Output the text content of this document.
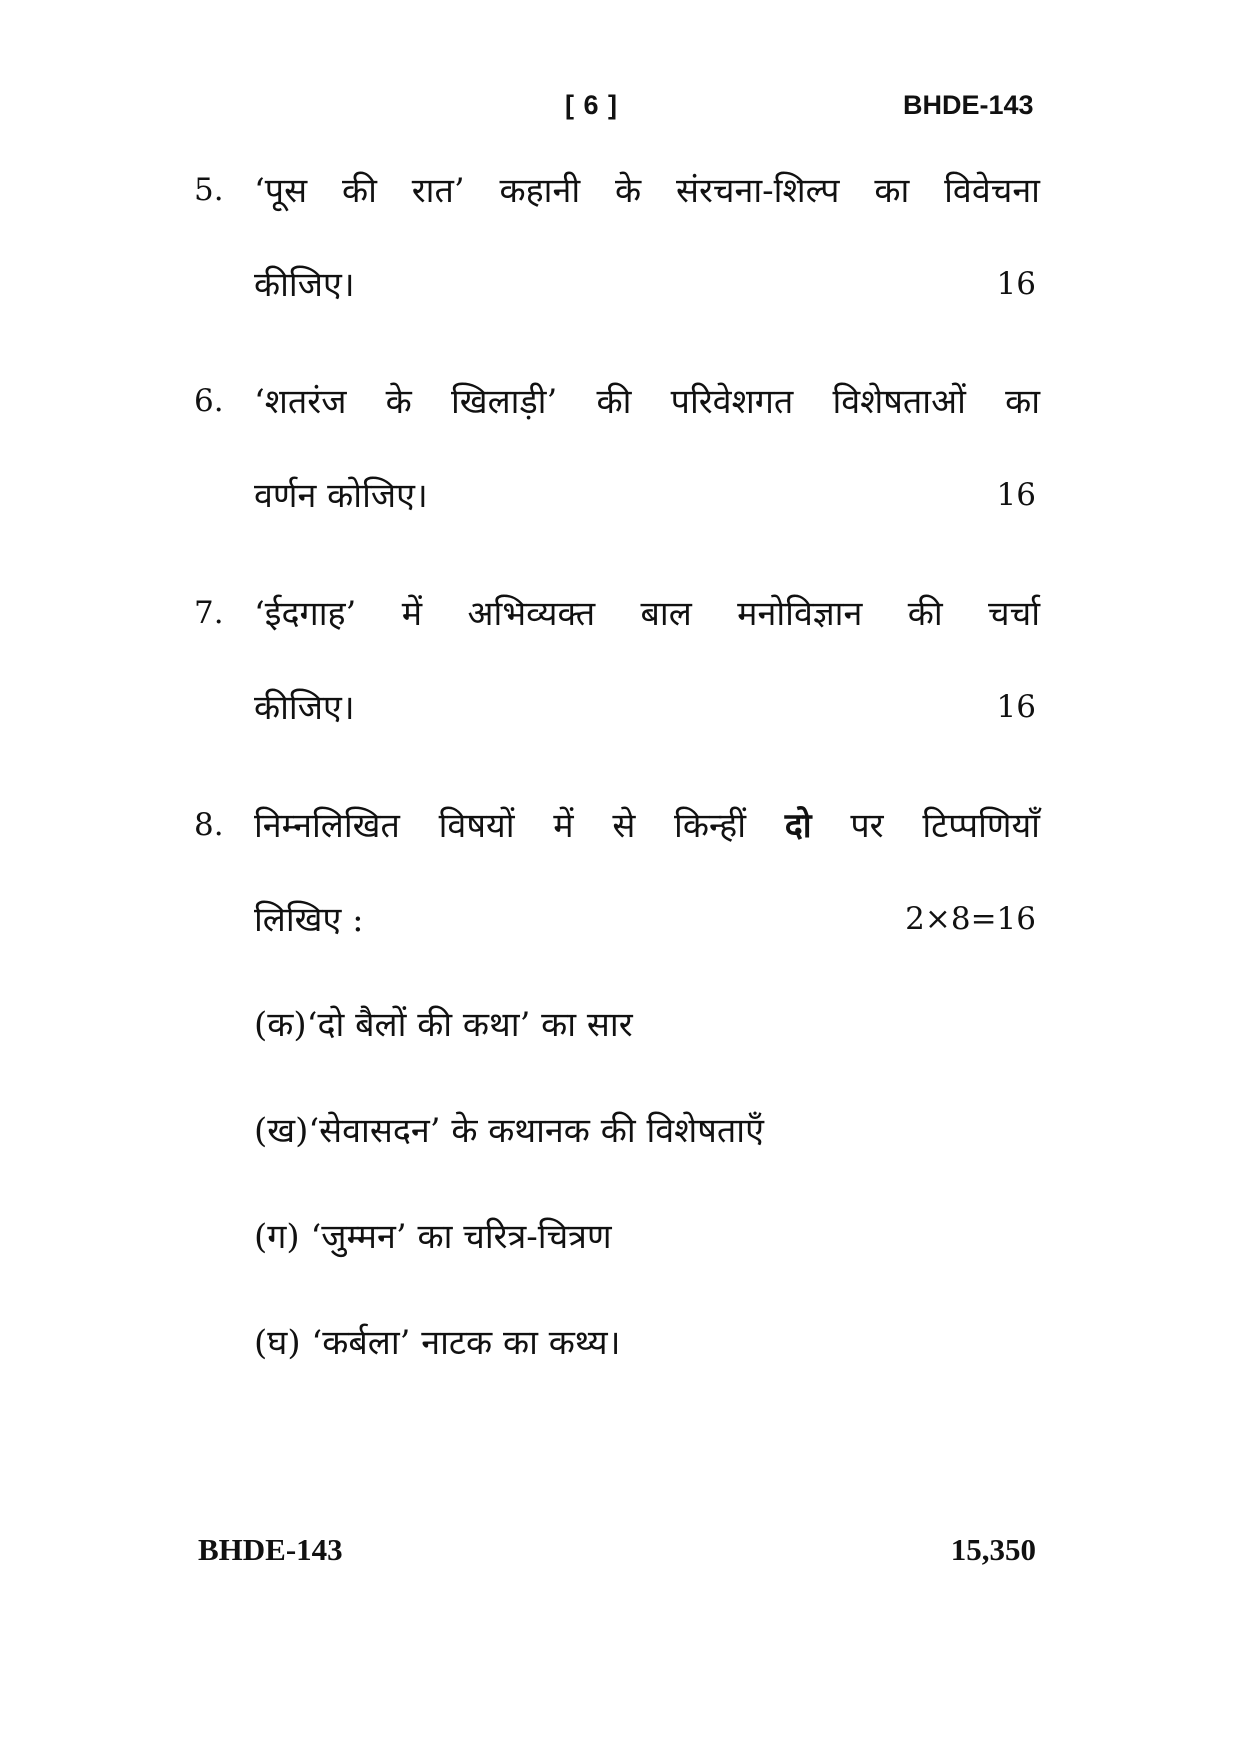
[ 6 ]	BHDE-143
5. ‘पूस की रात’ कहानी के संरचना-शिल्प का विवेचना
कीजिए।	16
6. ‘शतरंज के खिलाड़ी’ की परिवेशगत विशेषताओं का
वर्णन कोजिए।	16
7. ‘ईदगाह’ में अभिव्यक्त बाल मनोविज्ञान की चर्चा
कीजिए।	16
8. निम्नलिखित विषयों में से किन्हीं दो पर टिप्पणियाँ
लिखिए :	2×8=16
(क)‘दो बैलों की कथा’ का सार
(ख)‘सेवासदन’ के कथानक की विशेषताएँ
(ग) ‘जुम्मन’ का चरित्र-चित्रण
(घ) ‘कर्बला’ नाटक का कथ्य।
BHDE-143	15,350
